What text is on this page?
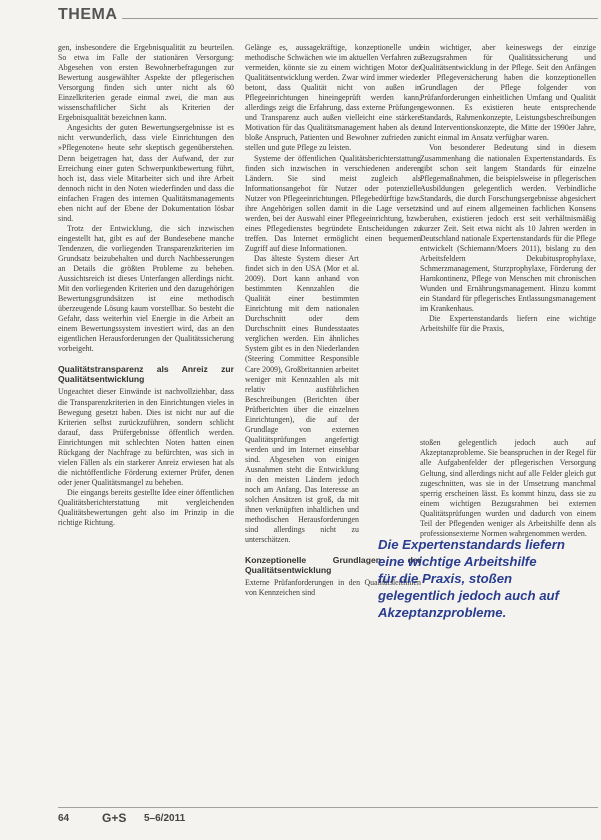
THEMA

gen, insbesondere die Ergebnisqualität zu beurteilen. So etwa im Falle der stationären Versorgung: Abgesehen von ersten Bewohnerbefragungen zur Bewertung ausgewählter Aspekte der pflegerischen Versorgung finden sich unter nicht als 60 Einzelkriterien gerade einmal zwei, die man aus wissenschaftlicher Sicht als Kriterien der Ergebnisqualität bezeichnen kann.

Angesichts der guten Bewertungsergebnisse ist es nicht verwunderlich, dass viele Einrichtungen den »Pflegenoten« heute sehr skeptisch gegenüberstehen. Denn beigetragen hat, dass der Aufwand, der zur Erreichung einer guten Schwerpunktbewertung führt, hoch ist, dass viele Mitarbeiter sich und ihre Arbeit dennoch nicht in den Noten wiederfinden und dass die einfachen Fragen des internen Qualitätsmanagements eben nicht auf der Ebene der Dokumentation lösbar sind.

Trotz der Entwicklung, die sich inzwischen eingestellt hat, gibt es auf der Bundesebene manche Tendenzen, die vorliegenden Transparenzkriterien im Grundsatz beizubehalten und durch Nachbesserungen an Details die größten Probleme zu beheben. Aussichtsreich ist dieses Unterfangen allerdings nicht. Mit den vorliegenden Kriterien und den dazugehörigen Bewertungsgrundsätzen ist eine methodisch überzeugende Lösung kaum vorstellbar. So besteht die Gefahr, dass weiterhin viel Energie in die Arbeit an einem Bewertungssystem investiert wird, das an den eigentlichen Herausforderungen der Qualitätssicherung vorbeigeht.

Qualitätstransparenz als Anreiz zur Qualitätsentwicklung

Ungeachtet dieser Einwände ist nachvollziehbar, dass die Transparenzkriterien in den Einrichtungen vieles in Bewegung gesetzt haben. Dies ist nicht nur auf die Kriterien selbst zurückzuführen, sondern schlicht darauf, dass Prüfergebnisse öffentlich werden. Einrichtungen mit schlechten Noten hatten einen Rückgang der Nachfrage zu befürchten, was sich in vielen Fällen als ein starkerer Anreiz erwiesen hat als die nichtöffentliche Förderung externer Prüfer, denen oder jener Qualitätsmangel zu beheben.

Die eingangs bereits gestellte Idee einer öffentlichen Qualitätsberichterstattung mit vergleichenden Qualitätsbewertungen geht also im Prinzip in die richtige Richtung.

Gelänge es, aussagekräftige, konzeptionelle und methodische Schwächen wie im aktuellen Verfahren zu vermeiden, könnte sie zu einem wichtigen Motor der Qualitätsentwicklung werden. Zwar wird immer wieder betont, dass Qualität nicht von außen in Pflegeeinrichtungen hineingeprüft werden kann, allerdings zeigt die Erfahrung, dass externe Prüfungen und Transparenz auch außen vielleicht eine stärkere Motivation für das Qualitätsmanagement haben als der bloße Anspruch, Patienten und Bewohner zufrieden zu stellen und gute Pflege zu leisten.

Systeme der öffentlichen Qualitätsberichterstattung finden sich inzwischen in verschiedenen anderen Ländern. Sie sind meist zugleich als Informationsangebot für Nutzer oder potenzielle Nutzer von Pflegeeinrichtungen. Pflegebedürftige bzw. ihre Angehörigen sollen damit in die Lage versetzt werden, bei der Auswahl einer Pflegeeinrichtung, bzw. eines Pflegedienstes begründete Entscheidungen zu treffen. Das Internet ermöglicht einen bequemen Zugriff auf diese Informationen.

Das älteste System dieser Art findet sich in den USA (Mor et al. 2009). Dort kann anhand von bestimmten Kennzahlen die Qualität einer bestimmten Einrichtung mit dem nationalen Durchschnitt oder dem Durchschnitt eines Bundesstaates verglichen werden. Ein ähnliches System gibt es in den Niederlanden (Steering Committee Responsible Care 2009), Großbritannien arbeitet weniger mit Kennzahlen als mit relativ ausführlichen Beschreibungen (Berichten über Prüfberichten über die einzelnen Einrichtungen), die auf der Grundlage von externen Qualitätsprüfungen angefertigt werden und im Internet einsehbar sind. Abgesehen von einigen Ausnahmen steht die Entwicklung in den meisten Ländern jedoch noch am Anfang. Das Interesse an solchen Ansätzen ist groß, da mit ihnen verknüpften inhaltlichen und methodischen Herausforderungen sind allerdings nicht zu unterschätzen.

Konzeptionelle Grundlagen der Qualitätsentwicklung

Externe Prüfanforderungen in den Qualitätsleitlinien von Kennzeichen sind

ein wichtiger, aber keineswegs der einzige Bezugsrahmen für Qualitätssicherung und Qualitätsentwicklung in der Pflege. Seit den Anfängen der Pflegeversicherung haben die konzeptionellen Grundlagen der Pflege folgender von Prüfanforderungen einheitlichen Umfang und Qualität gewonnen. Es existieren heute entsprechende Standards, Rahmenkonzepte, Leistungsbeschreibungen und Interventionskonzepte, die Mitte der 1990er Jahre, nicht einmal im Ansatz verfügbar waren.

Von besonderer Bedeutung sind in diesem Zusammenhang die nationalen Expertenstandards. Es gibt schon seit langem Standards für einzelne Pflegemaßnahmen, die beispielsweise in pflegerischen Ausbildungen gelegentlich werden. Verbindliche Standards, die durch Forschungsergebnisse abgesichert sind und auf einem allgemeinen fachlichen Konsens beruhen, existieren jedoch erst seit verhältnismäßig kurzer Zeit. Seit etwa nicht als 10 Jahren werden in Deutschland nationale Expertenstandards für die Pflege entwickelt (Schiemann/Moers 2011), bislang zu den Arbeitsfeldern Dekubitusprophylaxe, Schmerzmanagement, Sturzprophylaxe, Förderung der Harnkontinenz, Pflege von Menschen mit chronischen Wunden und Ernährungsmanagement. Hinzu kommt ein Standard für pflegerisches Entlassungsmanagement im Krankenhaus.

Die Expertenstandards liefern eine wichtige Arbeitshilfe für die Praxis,

stoßen gelegentlich jedoch auch auf Akzeptanzprobleme. Sie beanspruchen in der Regel für alle Aufgabenfelder der pflegerischen Versorgung Geltung, sind allerdings nicht auf alle Felder gleich gut zugeschnitten, was sie in der Umsetzung manchmal sperrig erscheinen lässt. Es kommt hinzu, dass sie zu einem wichtigen Bezugsrahmen bei externen Qualitätsprüfungen wurden und dadurch von einem Teil der Pflegenden weniger als Arbeitshilfe denn als professionsexterne Normen wahrgenommen werden.

Die Expertenstandards liefern
eine wichtige Arbeitshilfe
für die Praxis, stoßen
gelegentlich jedoch auch auf
Akzeptanzprobleme.
64	G+S 5–6/2011
